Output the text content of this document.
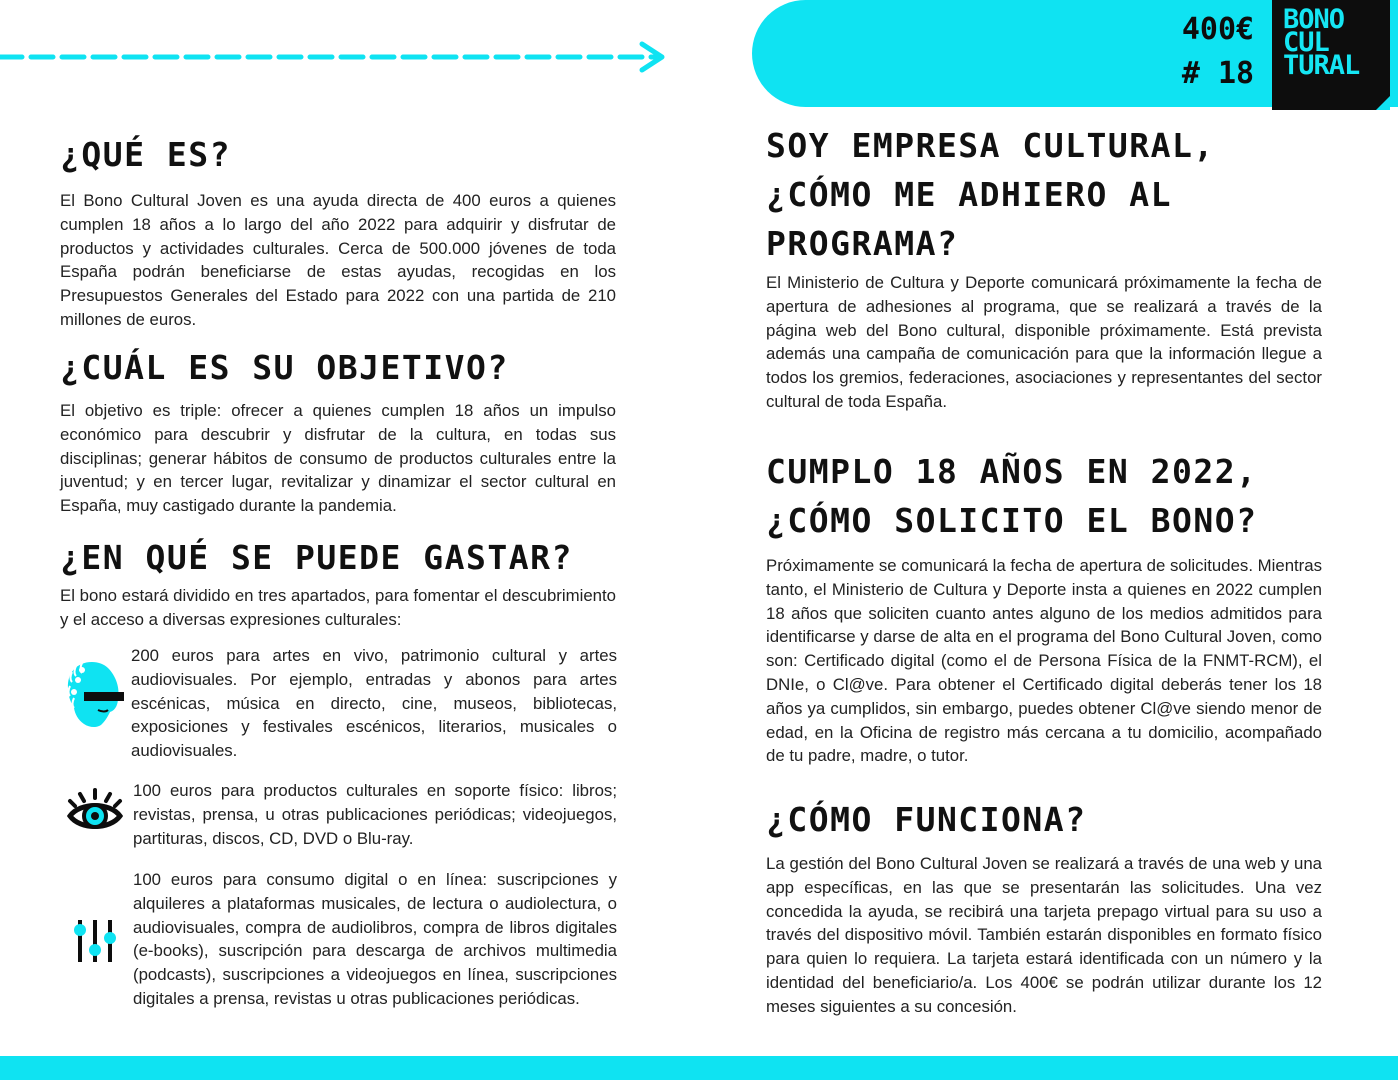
400€
# 18
BONO
CUL
TURAL
¿QUÉ ES?
El Bono Cultural Joven es una ayuda directa de 400 euros a quienes cumplen 18 años a lo largo del año 2022 para adquirir y disfrutar de productos y actividades culturales. Cerca de 500.000 jóvenes de toda España podrán beneficiarse de estas ayudas, recogidas en los Presupuestos Generales del Estado para 2022 con una partida de 210 millones de euros.
¿CUÁL ES SU OBJETIVO?
El objetivo es triple: ofrecer a quienes cumplen 18 años un impulso económico para descubrir y disfrutar de la cultura, en todas sus disciplinas; generar hábitos de consumo de productos culturales entre la juventud; y en tercer lugar, revitalizar y dinamizar el sector cultural en España, muy castigado durante la pandemia.
¿EN QUÉ SE PUEDE GASTAR?
El bono estará dividido en tres apartados, para fomentar el descubrimiento y el acceso a diversas expresiones culturales:
200 euros para artes en vivo, patrimonio cultural y artes audiovisuales. Por ejemplo, entradas y abonos para artes escénicas, música en directo, cine, museos, bibliotecas, exposiciones y festivales escénicos, literarios, musicales o audiovisuales.
100 euros para productos culturales en soporte físico: libros; revistas, prensa, u otras publicaciones periódicas; videojuegos, partituras, discos, CD, DVD o Blu-ray.
100 euros para consumo digital o en línea: suscripciones y alquileres a plataformas musicales, de lectura o audiolectura, o audiovisuales, compra de audiolibros, compra de libros digitales (e-books), suscripción para descarga de archivos multimedia (podcasts), suscripciones a videojuegos en línea, suscripciones digitales a prensa, revistas u otras publicaciones periódicas.
SOY EMPRESA CULTURAL,
¿CÓMO ME ADHIERO AL
PROGRAMA?
El Ministerio de Cultura y Deporte comunicará próximamente la fecha de apertura de adhesiones al programa, que se realizará a través de la página web del Bono cultural, disponible próximamente. Está prevista además una campaña de comunicación para que la información llegue a todos los gremios, federaciones, asociaciones y representantes del sector cultural de toda España.
CUMPLO 18 AÑOS EN 2022,
¿CÓMO SOLICITO EL BONO?
Próximamente se comunicará la fecha de apertura de solicitudes. Mientras tanto, el Ministerio de Cultura y Deporte insta a quienes en 2022 cumplen 18 años que soliciten cuanto antes alguno de los medios admitidos para identificarse y darse de alta en el programa del Bono Cultural Joven, como son: Certificado digital (como el de Persona Física de la FNMT-RCM), el DNIe, o Cl@ve. Para obtener el Certificado digital deberás tener los 18 años ya cumplidos, sin embargo, puedes obtener Cl@ve siendo menor de edad, en la Oficina de registro más cercana a tu domicilio, acompañado de tu padre, madre, o tutor.
¿CÓMO FUNCIONA?
La gestión del Bono Cultural Joven se realizará a través de una web y una app específicas, en las que se presentarán las solicitudes. Una vez concedida la ayuda, se recibirá una tarjeta prepago virtual para su uso a través del dispositivo móvil. También estarán disponibles en formato físico para quien lo requiera. La tarjeta estará identificada con un número y la identidad del beneficiario/a. Los 400€ se podrán utilizar durante los 12 meses siguientes a su concesión.
